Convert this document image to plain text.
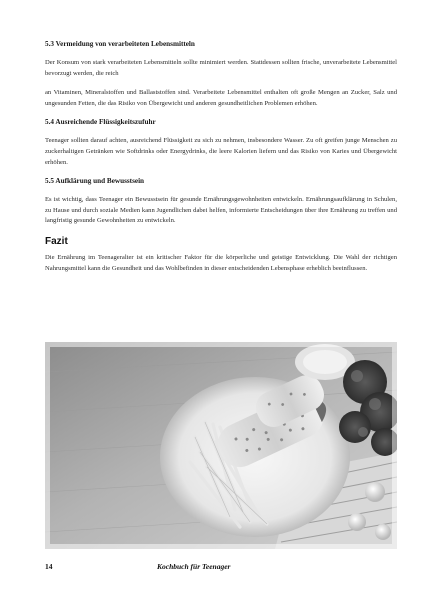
5.3 Vermeidung von verarbeiteten Lebensmitteln

Der Konsum von stark verarbeiteten Lebensmitteln sollte minimiert werden. Stattdessen sollten frische, unverarbeitete Lebensmittel bevorzugt werden, die reich

an Vitaminen, Mineralstoffen und Ballaststoffen sind. Verarbeitete Lebensmittel enthalten oft große Mengen an Zucker, Salz und ungesunden Fetten, die das Risiko von Übergewicht und anderen gesundheitlichen Problemen erhöhen.

5.4 Ausreichende Flüssigkeitszufuhr

Teenager sollten darauf achten, ausreichend Flüssigkeit zu sich zu nehmen, insbesondere Wasser. Zu oft greifen junge Menschen zu zuckerhaltigen Getränken wie Softdrinks oder Energydrinks, die leere Kalorien liefern und das Risiko von Karies und Übergewicht erhöhen.

5.5 Aufklärung und Bewusstsein

Es ist wichtig, dass Teenager ein Bewusstsein für gesunde Ernährungsgewohnheiten entwickeln. Ernährungsaufklärung in Schulen, zu Hause und durch soziale Medien kann Jugendlichen dabei helfen, informierte Entscheidungen über ihre Ernährung zu treffen und langfristig gesunde Gewohnheiten zu entwickeln.

Fazit

Die Ernährung im Teenageralter ist ein kritischer Faktor für die körperliche und geistige Entwicklung. Die Wahl der richtigen Nahrungsmittel kann die Gesundheit und das Wohlbefinden in dieser entscheidenden Lebensphase erheblich beeinflussen.

14	Kochbuch für Teenager
